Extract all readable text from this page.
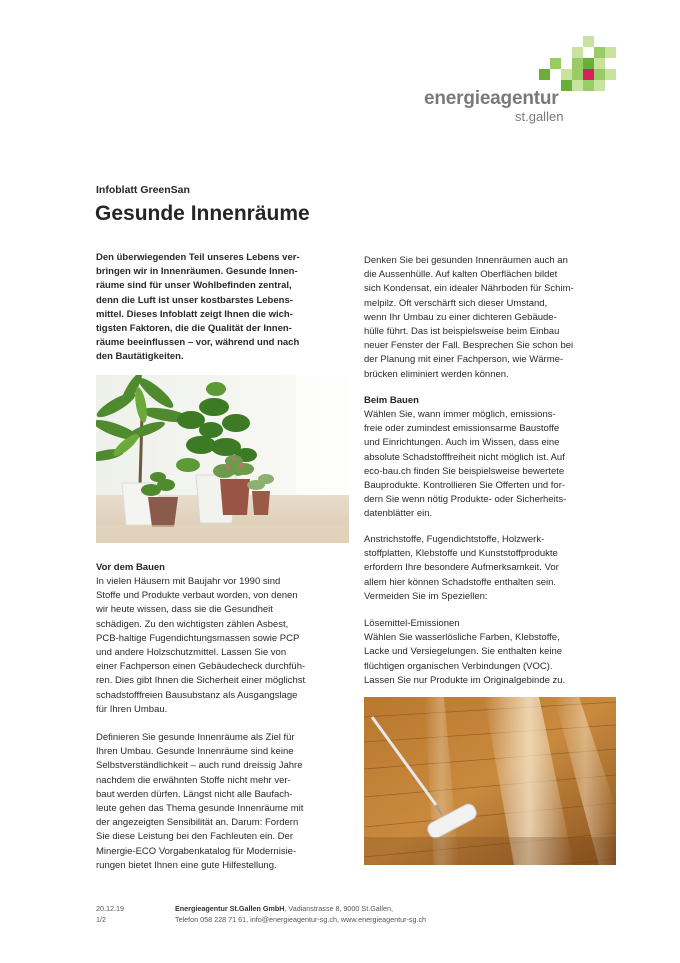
energieagentur
st.gallen
Infoblatt GreenSan
Gesunde Innenräume

Den überwiegenden Teil unseres Lebens ver-
bringen wir in Innenräumen. Gesunde Innen-
räume sind für unser Wohlbefinden zentral,
denn die Luft ist unser kostbarstes Lebens-
mittel. Dieses Infoblatt zeigt Ihnen die wich-
tigsten Faktoren, die die Qualität der Innen-
räume beeinflussen – vor, während und nach
den Bautätigkeiten.

Vor dem Bauen

In vielen Häusern mit Baujahr vor 1990 sind
Stoffe und Produkte verbaut worden, von denen
wir heute wissen, dass sie die Gesundheit
schädigen. Zu den wichtigsten zählen Asbest,
PCB-haltige Fugendichtungsmassen sowie PCP
und andere Holzschutzmittel. Lassen Sie von
einer Fachperson einen Gebäudecheck durchfüh-
ren. Dies gibt Ihnen die Sicherheit einer möglichst
schadstofffreien Bausubstanz als Ausgangslage
für Ihren Umbau.

Definieren Sie gesunde Innenräume als Ziel für
Ihren Umbau. Gesunde Innenräume sind keine
Selbstverständlichkeit – auch rund dreissig Jahre
nachdem die erwähnten Stoffe nicht mehr ver-
baut werden dürfen. Längst nicht alle Baufach-
leute gehen das Thema gesunde Innenräume mit
der angezeigten Sensibilität an. Darum: Fordern
Sie diese Leistung bei den Fachleuten ein. Der
Minergie-ECO Vorgabenkatalog für Modernisie-
rungen bietet Ihnen eine gute Hilfestellung.

Denken Sie bei gesunden Innenräumen auch an
die Aussenhülle. Auf kalten Oberflächen bildet
sich Kondensat, ein idealer Nährboden für Schim-
melpilz. Oft verschärft sich dieser Umstand,
wenn Ihr Umbau zu einer dichteren Gebäude-
hülle führt. Das ist beispielsweise beim Einbau
neuer Fenster der Fall. Besprechen Sie schon bei
der Planung mit einer Fachperson, wie Wärme-
brücken eliminiert werden können.

Beim Bauen

Wählen Sie, wann immer möglich, emissions-
freie oder zumindest emissionsarme Baustoffe
und Einrichtungen. Auch im Wissen, dass eine
absolute Schadstofffreiheit nicht möglich ist. Auf
eco-bau.ch finden Sie beispielsweise bewertete
Bauprodukte. Kontrollieren Sie Offerten und for-
dern Sie wenn nötig Produkte- oder Sicherheits-
datenblätter ein.

Anstrichstoffe, Fugendichtstoffe, Holzwerk-
stoffplatten, Klebstoffe und Kunststoffprodukte
erfordern Ihre besondere Aufmerksamkeit. Vor
allem hier können Schadstoffe enthalten sein.
Vermeiden Sie im Speziellen:

Lösemittel-Emissionen
Wählen Sie wasserlösliche Farben, Klebstoffe,
Lacke und Versiegelungen. Sie enthalten keine
flüchtigen organischen Verbindungen (VOC).
Lassen Sie nur Produkte im Originalgebinde zu.

20.12.19
1/2
Energieagentur St.Gallen GmbH, Vadianstrasse 8, 9000 St.Gallen,
Telefon 058 228 71 61, info@energieagentur-sg.ch, www.energieagentur-sg.ch
